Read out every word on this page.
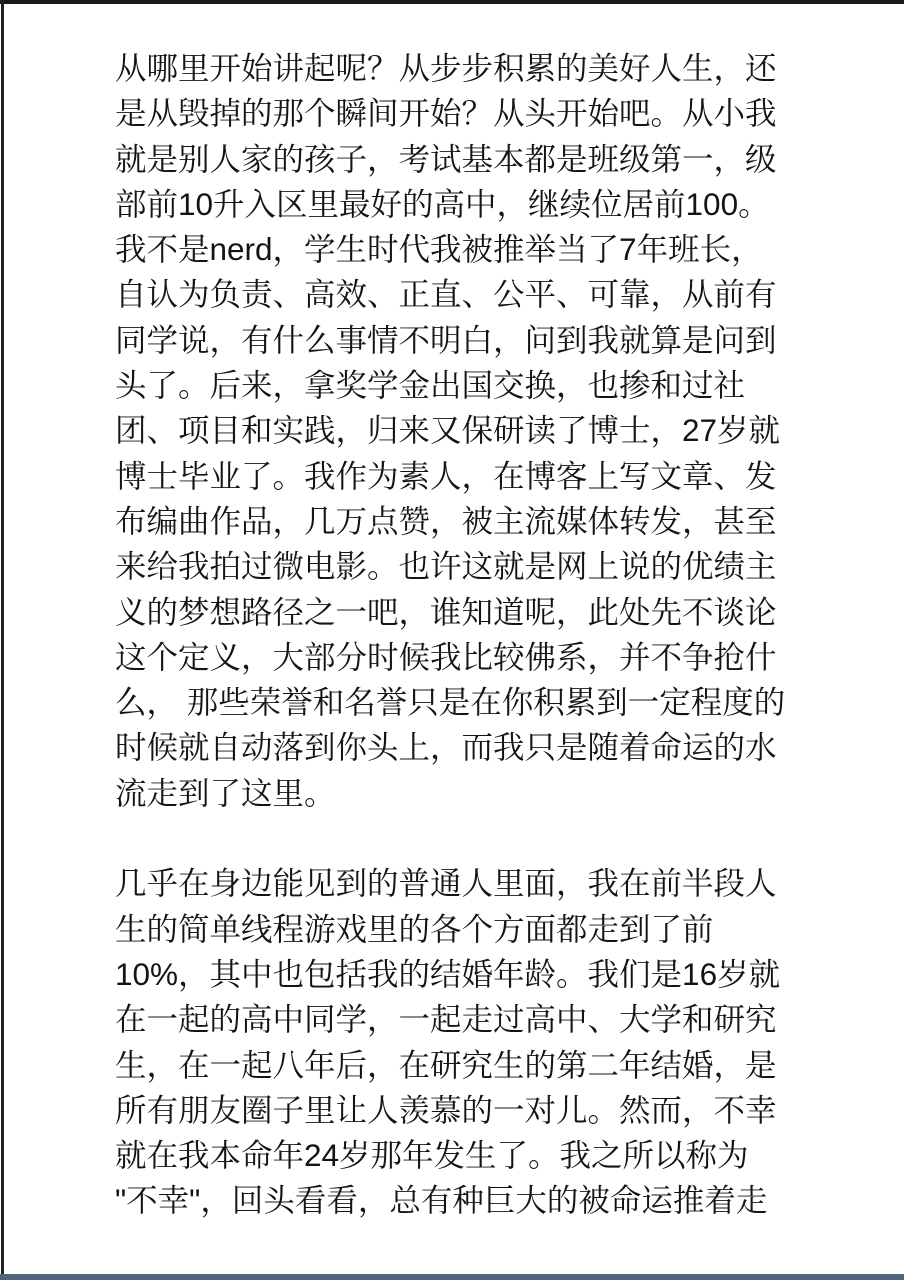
从哪里开始讲起呢？从步步积累的美好人生，还
是从毁掉的那个瞬间开始？从头开始吧。从小我
就是别人家的孩子，考试基本都是班级第一，级
部前10升入区里最好的高中，继续位居前100。
我不是nerd，学生时代我被推举当了7年班长，
自认为负责、高效、正直、公平、可靠，从前有
同学说，有什么事情不明白，问到我就算是问到
头了。后来，拿奖学金出国交换，也掺和过社
团、项目和实践，归来又保研读了博士，27岁就
博士毕业了。我作为素人，在博客上写文章、发
布编曲作品，几万点赞，被主流媒体转发，甚至
来给我拍过微电影。也许这就是网上说的优绩主
义的梦想路径之一吧，谁知道呢，此处先不谈论
这个定义，大部分时候我比较佛系，并不争抢什
么， 那些荣誉和名誉只是在你积累到一定程度的
时候就自动落到你头上，而我只是随着命运的水
流走到了这里。
几乎在身边能见到的普通人里面，我在前半段人
生的简单线程游戏里的各个方面都走到了前
10%，其中也包括我的结婚年龄。我们是16岁就
在一起的高中同学，一起走过高中、大学和研究
生，在一起八年后，在研究生的第二年结婚，是
所有朋友圈子里让人羡慕的一对儿。然而，不幸
就在我本命年24岁那年发生了。我之所以称为
"不幸"，回头看看，总有种巨大的被命运推着走
